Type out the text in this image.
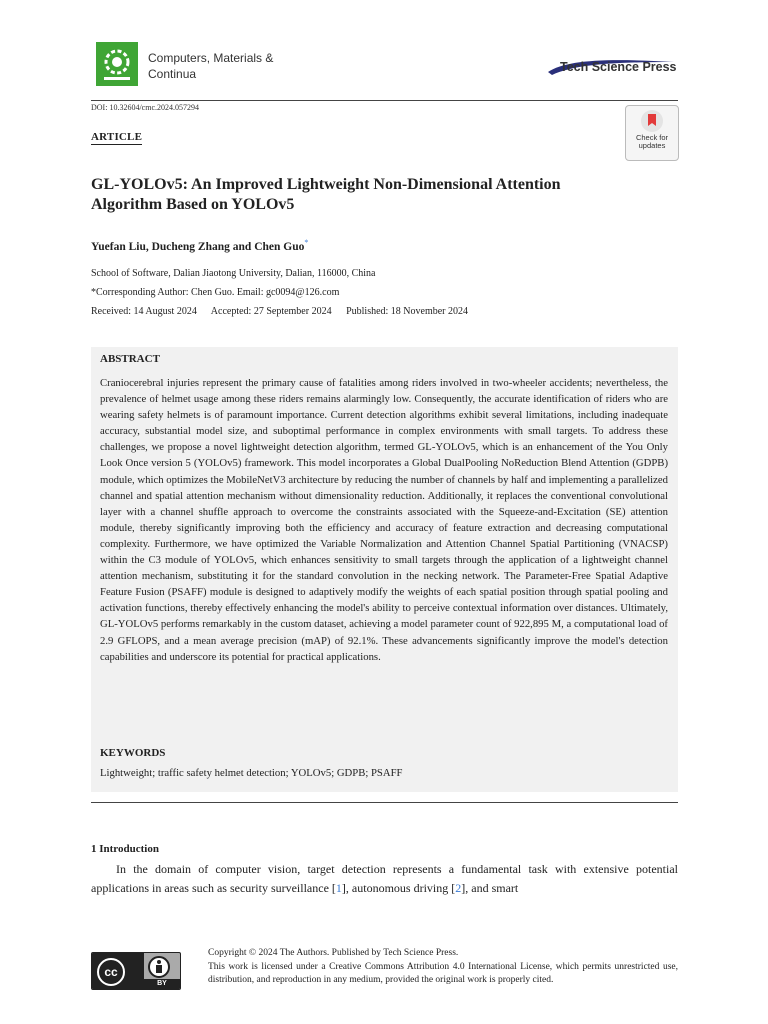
Computers, Materials &
Continua	Tech Science Press
DOI: 10.32604/cmc.2024.057294
ARTICLE	Check for
updates
GL-YOLOv5: An Improved Lightweight Non-Dimensional Attention
Algorithm Based on YOLOv5
Yuefan Liu, Ducheng Zhang and Chen Guo*
School of Software, Dalian Jiaotong University, Dalian, 116000, China
*Corresponding Author: Chen Guo. Email: gc0094@126.com
Received: 14 August 2024 Accepted: 27 September 2024 Published: 18 November 2024
ABSTRACT
Craniocerebral injuries represent the primary cause of fatalities among riders involved in two-wheeler accidents; nevertheless, the prevalence of helmet usage among these riders remains alarmingly low. Consequently, the accurate identification of riders who are wearing safety helmets is of paramount importance. Current detection algorithms exhibit several limitations, including inadequate accuracy, substantial model size, and suboptimal performance in complex environments with small targets. To address these challenges, we propose a novel lightweight detection algorithm, termed GL-YOLOv5, which is an enhancement of the You Only Look Once version 5 (YOLOv5) framework. This model incorporates a Global DualPooling NoReduction Blend Attention (GDPB) module, which optimizes the MobileNetV3 architecture by reducing the number of channels by half and implementing a parallelized channel and spatial attention mechanism without dimensionality reduction. Additionally, it replaces the conventional convolutional layer with a channel shuffle approach to overcome the constraints associated with the Squeeze-and-Excitation (SE) attention module, thereby significantly improving both the efficiency and accuracy of feature extraction and decreasing computational complexity. Furthermore, we have optimized the Variable Normalization and Attention Channel Spatial Partitioning (VNACSP) within the C3 module of YOLOv5, which enhances sensitivity to small targets through the application of a lightweight channel attention mechanism, substituting it for the standard convolution in the necking network. The Parameter-Free Spatial Adaptive Feature Fusion (PSAFF) module is designed to adaptively modify the weights of each spatial position through spatial pooling and activation functions, thereby effectively enhancing the model's ability to perceive contextual information over distances. Ultimately, GL-YOLOv5 performs remarkably in the custom dataset, achieving a model parameter count of 922,895 M, a computational load of 2.9 GFLOPS, and a mean average precision (mAP) of 92.1%. These advancements significantly improve the model's detection capabilities and underscore its potential for practical applications.
KEYWORDS
Lightweight; traffic safety helmet detection; YOLOv5; GDPB; PSAFF
1 Introduction
In the domain of computer vision, target detection represents a fundamental task with extensive potential applications in areas such as security surveillance [1], autonomous driving [2], and smart
cc
BY
Copyright © 2024 The Authors. Published by Tech Science Press.
This work is licensed under a Creative Commons Attribution 4.0 International License, which permits unrestricted use, distribution, and reproduction in any medium, provided the original work is properly cited.
